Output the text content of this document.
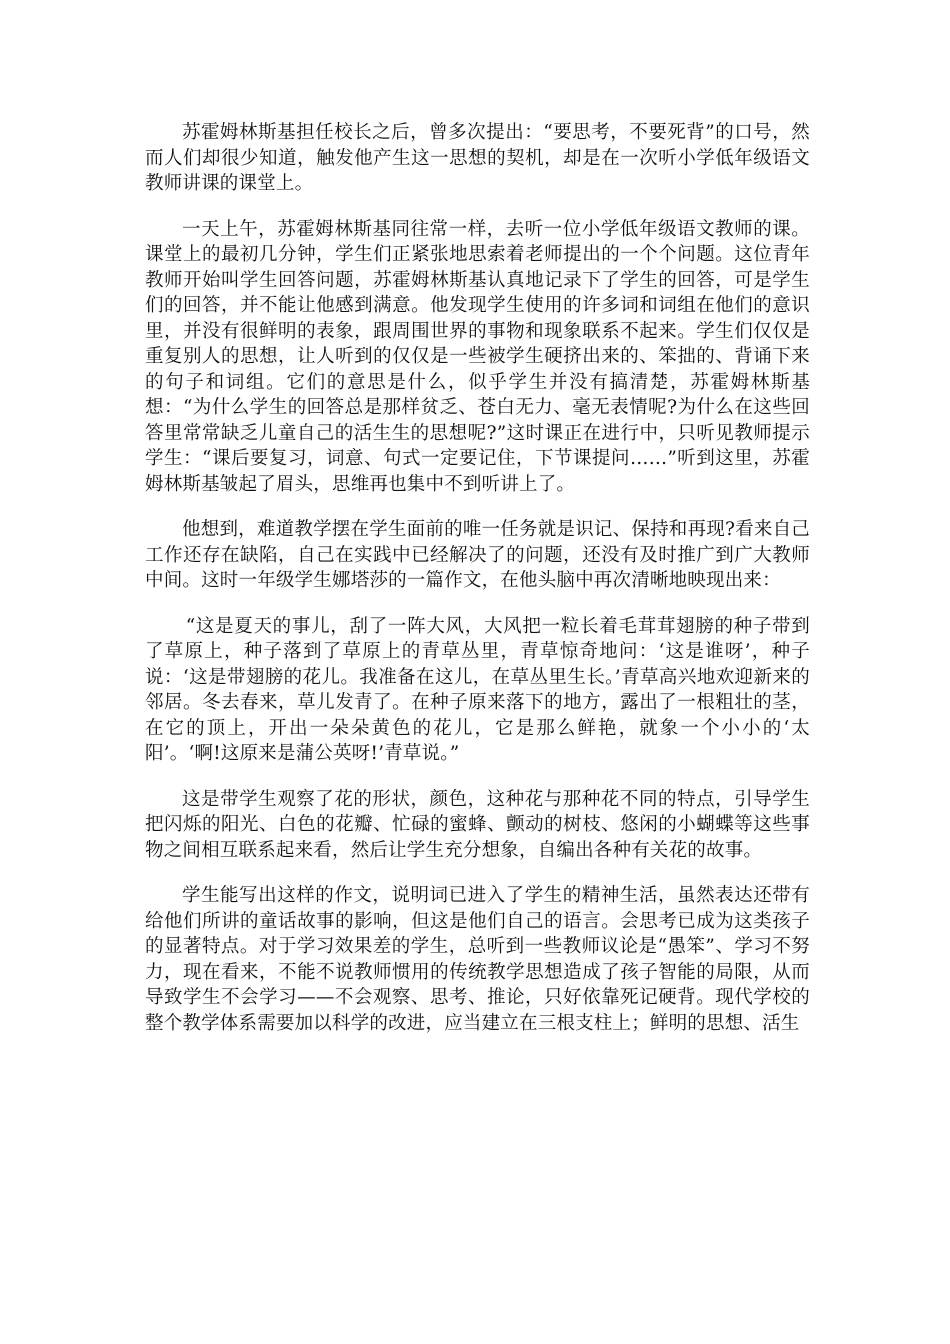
苏霍姆林斯基担任校长之后，曾多次提出：“要思考，不要死背”的口号，然而人们却很少知道，触发他产生这一思想的契机，却是在一次听小学低年级语文教师讲课的课堂上。

一天上午，苏霍姆林斯基同往常一样，去听一位小学低年级语文教师的课。课堂上的最初几分钟，学生们正紧张地思索着老师提出的一个个问题。这位青年教师开始叫学生回答问题，苏霍姆林斯基认真地记录下了学生的回答，可是学生们的回答，并不能让他感到满意。他发现学生使用的许多词和词组在他们的意识里，并没有很鲜明的表象，跟周围世界的事物和现象联系不起来。学生们仅仅是重复别人的思想，让人听到的仅仅是一些被学生硬挤出来的、笨拙的、背诵下来的句子和词组。它们的意思是什么，似乎学生并没有搞清楚，苏霍姆林斯基想：“为什么学生的回答总是那样贫乏、苍白无力、毫无表情呢?为什么在这些回答里常常缺乏儿童自己的活生生的思想呢?”这时课正在进行中，只听见教师提示学生：“课后要复习，词意、句式一定要记住，下节课提问……”听到这里，苏霍姆林斯基皱起了眉头，思维再也集中不到听讲上了。

他想到，难道教学摆在学生面前的唯一任务就是识记、保持和再现?看来自己工作还存在缺陷，自己在实践中已经解决了的问题，还没有及时推广到广大教师中间。这时一年级学生娜塔莎的一篇作文，在他头脑中再次清晰地映现出来：

“这是夏天的事儿，刮了一阵大风，大风把一粒长着毛茸茸翅膀的种子带到了草原上，种子落到了草原上的青草丛里，青草惊奇地问：‘这是谁呀’，种子说：‘这是带翅膀的花儿。我准备在这儿，在草丛里生长。’青草高兴地欢迎新来的邻居。冬去春来，草儿发青了。在种子原来落下的地方，露出了一根粗壮的茎，在它的顶上，开出一朵朵黄色的花儿，它是那么鲜艳，就象一个小小的‘太阳’。‘啊!这原来是蒲公英呀!’青草说。”

这是带学生观察了花的形状，颜色，这种花与那种花不同的特点，引导学生把闪烁的阳光、白色的花瓣、忙碌的蜜蜂、颤动的树枝、悠闲的小蝴蝶等这些事物之间相互联系起来看，然后让学生充分想象，自编出各种有关花的故事。

学生能写出这样的作文，说明词已进入了学生的精神生活，虽然表达还带有给他们所讲的童话故事的影响，但这是他们自己的语言。会思考已成为这类孩子的显著特点。对于学习效果差的学生，总听到一些教师议论是“愚笨”、学习不努力，现在看来，不能不说教师惯用的传统教学思想造成了孩子智能的局限，从而导致学生不会学习——不会观察、思考、推论，只好依靠死记硬背。现代学校的整个教学体系需要加以科学的改进，应当建立在三根支柱上；鲜明的思想、活生
